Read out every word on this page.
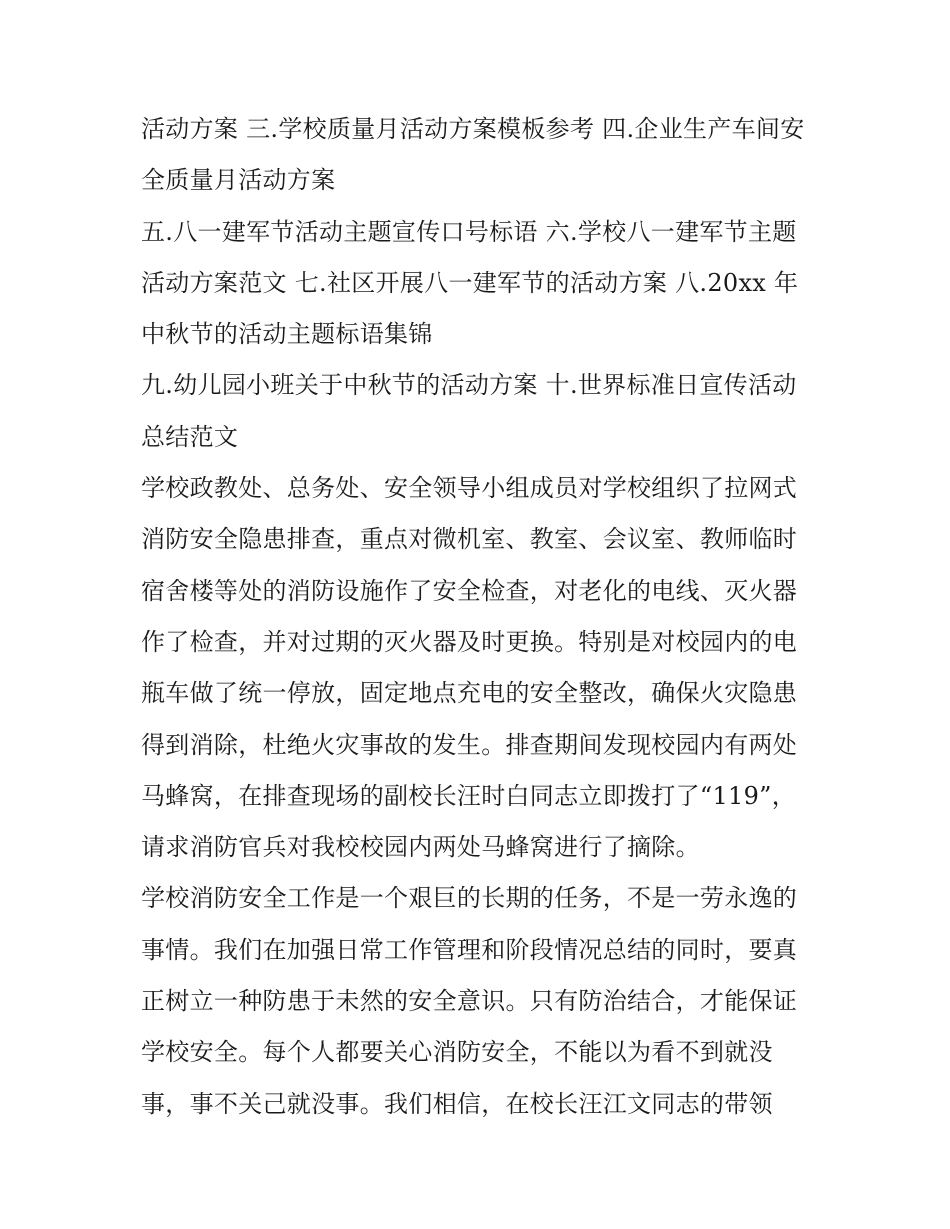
活动方案 三.学校质量月活动方案模板参考 四.企业生产车间安
全质量月活动方案
五.八一建军节活动主题宣传口号标语 六.学校八一建军节主题
活动方案范文 七.社区开展八一建军节的活动方案 八.20xx 年
中秋节的活动主题标语集锦
九.幼儿园小班关于中秋节的活动方案 十.世界标准日宣传活动
总结范文
学校政教处、总务处、安全领导小组成员对学校组织了拉网式
消防安全隐患排查，重点对微机室、教室、会议室、教师临时
宿舍楼等处的消防设施作了安全检查，对老化的电线、灭火器
作了检查，并对过期的灭火器及时更换。特别是对校园内的电
瓶车做了统一停放，固定地点充电的安全整改，确保火灾隐患
得到消除，杜绝火灾事故的发生。排查期间发现校园内有两处
马蜂窝，在排查现场的副校长汪时白同志立即拨打了“119”，
请求消防官兵对我校校园内两处马蜂窝进行了摘除。
学校消防安全工作是一个艰巨的长期的任务，不是一劳永逸的
事情。我们在加强日常工作管理和阶段情况总结的同时，要真
正树立一种防患于未然的安全意识。只有防治结合，才能保证
学校安全。每个人都要关心消防安全，不能以为看不到就没
事，事不关己就没事。我们相信，在校长汪江文同志的带领
